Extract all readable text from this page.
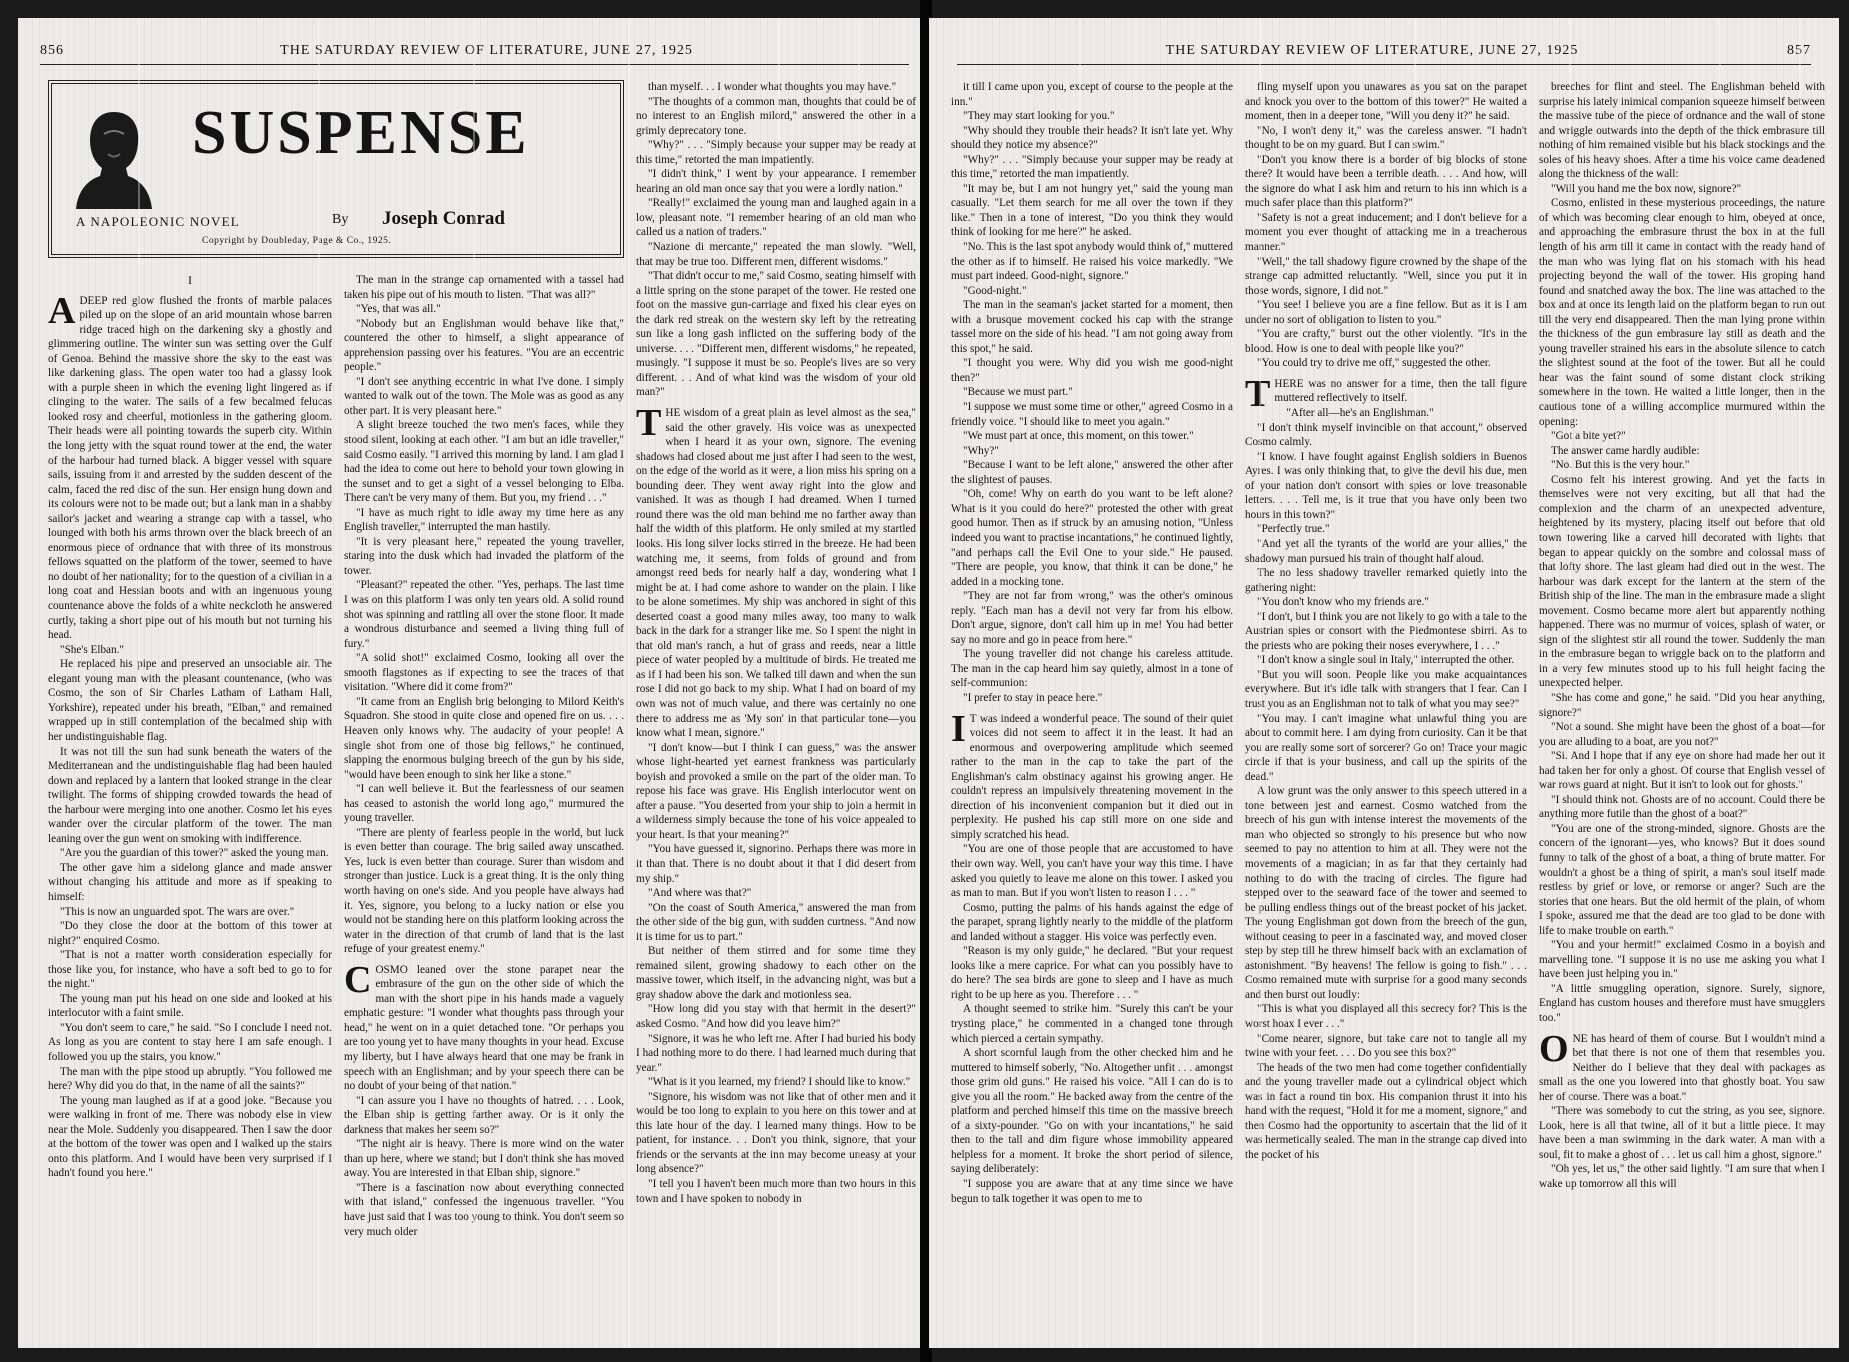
856	THE SATURDAY REVIEW OF LITERATURE, JUNE 27, 1925
SUSPENSE
A NAPOLEONIC NOVEL	By Joseph Conrad
Copyright by Doubleday, Page & Co., 1925.
I

A DEEP red glow flushed the fronts of marble palaces piled up on the slope of an arid mountain whose barren ridge traced high on the darkening sky a ghostly and glimmering outline. The winter sun was setting over the Gulf of Genoa. Behind the massive shore the sky to the east was like darkening glass. The open water too had a glassy look with a purple sheen in which the evening light lingered as if clinging to the water. The sails of a few becalmed felucas looked rosy and cheerful, motionless in the gathering gloom. Their heads were all pointing towards the superb city. Within the long jetty with the squat round tower at the end, the water of the harbour had turned black. A bigger vessel with square sails, issuing from it and arrested by the sudden descent of the calm, faced the red disc of the sun. Her ensign hung down and its colours were not to be made out; but a lank man in a shabby sailor's jacket and wearing a strange cap with a tassel, who lounged with both his arms thrown over the black breech of an enormous piece of ordnance that with three of its monstrous fellows squatted on the platform of the tower, seemed to have no doubt of her nationality; for to the question of a civilian in a long coat and Hessian boots and with an ingenuous young countenance above the folds of a white neckcloth he answered curtly, taking a short pipe out of his mouth but not turning his head.

"She's Elban."

He replaced his pipe and preserved an unsociable air. The elegant young man with the pleasant countenance, (who was Cosmo, the son of Sir Charles Latham of Latham Hall, Yorkshire), repeated under his breath, "Elban," and remained wrapped up in still contemplation of the becalmed ship with her undistinguishable flag.

It was not till the sun had sunk beneath the waters of the Mediterranean and the undistinguishable flag had been hauled down and replaced by a lantern that looked strange in the clear twilight. The forms of shipping crowded towards the head of the harbour were merging into one another. Cosmo let his eyes wander over the circular platform of the tower. The man leaning over the gun went on smoking with indifference.

"Are you the guardian of this tower?" asked the young man.

The other gave him a sidelong glance and made answer without changing his attitude and more as if speaking to himself:

"This is now an unguarded spot. The wars are over."

"Do they close the door at the bottom of this tower at night?" enquired Cosmo.

"That is not a matter worth consideration especially for those like you, for instance, who have a soft bed to go to for the night."

The young man put his head on one side and looked at his interlocutor with a faint smile.

"You don't seem to care," he said. "So I conclude I need not. As long as you are content to stay here I am safe enough. I followed you up the stairs, you know."

The man with the pipe stood up abruptly. "You followed me here? Why did you do that, in the name of all the saints?"

The young man laughed as if at a good joke. "Because you were walking in front of me. There was nobody else in view near the Mole. Suddenly you disappeared. Then I saw the door at the bottom of the tower was open and I walked up the stairs onto this platform. And I would have been very surprised if I hadn't found you here."

The man in the strange cap ornamented with a tassel had taken his pipe out of his mouth to listen. "That was all?"

"Yes, that was all."

"Nobody but an Englishman would behave like that," countered the other to himself, a slight appearance of apprehension passing over his features. "You are an eccentric people."

"I don't see anything eccentric in what I've done. I simply wanted to walk out of the town. The Mole was as good as any other part. It is very pleasant here."

A slight breeze touched the two men's faces, while they stood silent, looking at each other. "I am but an idle traveller," said Cosmo easily. "I arrived this morning by land. I am glad I had the idea to come out here to behold your town glowing in the sunset and to get a sight of a vessel belonging to Elba. There can't be very many of them. But you, my friend . . ."

"I have as much right to idle away my time here as any English traveller," interrupted the man hastily.

"It is very pleasant here," repeated the young traveller, staring into the dusk which had invaded the platform of the tower.

"Pleasant?" repeated the other. "Yes, perhaps. The last time I was on this platform I was only ten years old. A solid round shot was spinning and rattling all over the stone floor. It made a wondrous disturbance and seemed a living thing full of fury."

"A solid shot!" exclaimed Cosmo, looking all over the smooth flagstones as if expecting to see the traces of that visitation. "Where did it come from?"

"It came from an English brig belonging to Milord Keith's Squadron. She stood in quite close and opened fire on us. . . . Heaven only knows why. The audacity of your people! A single shot from one of those big fellows," he continued, slapping the enormous bulging breech of the gun by his side, "would have been enough to sink her like a stone."

"I can well believe it. But the fearlessness of our seamen has ceased to astonish the world long ago," murmured the young traveller.

"There are plenty of fearless people in the world, but luck is even better than courage. The brig sailed away unscathed. Yes, luck is even better than courage. Surer than wisdom and stronger than justice. Luck is a great thing. It is the only thing worth having on one's side. And you people have always had it. Yes, signore, you belong to a lucky nation or else you would not be standing here on this platform looking across the water in the direction of that crumb of land that is the last refuge of your greatest enemy."

COSMO leaned over the stone parapet near the embrasure of the gun on the other side of which the man with the short pipe in his hands made a vaguely emphatic gesture: "I wonder what thoughts pass through your head," he went on in a quiet detached tone. "Or perhaps you are too young yet to have many thoughts in your head. Excuse my liberty, but I have always heard that one may be frank in speech with an Englishman; and by your speech there can be no doubt of your being of that nation."

"I can assure you I have no thoughts of hatred. . . . Look, the Elban ship is getting farther away. Or is it only the darkness that makes her seem so?"

"The night air is heavy. There is more wind on the water than up here, where we stand; but I don't think she has moved away. You are interested in that Elban ship, signore."

"There is a fascination now about everything connected with that island," confessed the ingenuous traveller. "You have just said that I was too young to think. You don't seem so very much older

than myself. . . I wonder what thoughts you may have."

"The thoughts of a common man, thoughts that could be of no interest to an English milord," answered the other in a grimly deprecatory tone.

"Why?" . . . "Simply because your supper may be ready at this time," retorted the man impatiently.

"I didn't think," I went by your appearance. I remember hearing an old man once say that you were a lordly nation."

"Really!" exclaimed the young man and laughed again in a low, pleasant note. "I remember hearing of an old man who called us a nation of traders."

"Nazione di mercante," repeated the man slowly. "Well, that may be true too. Different men, different wisdoms."

"That didn't occur to me," said Cosmo, seating himself with a little spring on the stone parapet of the tower. He rested one foot on the massive gun-carriage and fixed his clear eyes on the dark red streak on the western sky left by the retreating sun like a long gash inflicted on the suffering body of the universe. . . . "Different men, different wisdoms," he repeated, musingly. "I suppose it must be so. People's lives are so very different. . . And of what kind was the wisdom of your old man?"

THE wisdom of a great plain as level almost as the sea," said the other gravely. His voice was as unexpected when I heard it as your own, signore. The evening shadows had closed about me just after I had seen to the west, on the edge of the world as it were, a lion miss his spring on a bounding deer. They went away right into the glow and vanished. It was as though I had dreamed. When I turned round there was the old man behind me no farther away than half the width of this platform. He only smiled at my startled looks. His long silver locks stirred in the breeze. He had been watching me, it seems, from folds of ground and from amongst reed beds for nearly half a day, wondering what I might be at. I had come ashore to wander on the plain. I like to be alone sometimes. My ship was anchored in sight of this deserted coast a good many miles away, too many to walk back in the dark for a stranger like me. So I spent the night in that old man's ranch, a hut of grass and reeds, near a little piece of water peopled by a multitude of birds. He treated me as if I had been his son. We talked till dawn and when the sun rose I did not go back to my ship. What I had on board of my own was not of much value, and there was certainly no one there to address me as 'My son' in that particular tone—you know what I mean, signore."

"I don't know—but I think I can guess," was the answer whose light-hearted yet earnest frankness was particularly boyish and provoked a smile on the part of the older man. To repose his face was grave. His English interlocutor went on after a pause. "You deserted from your ship to join a hermit in a wilderness simply because the tone of his voice appealed to your heart. Is that your meaning?"

"You have guessed it, signorino. Perhaps there was more in it than that. There is no doubt about it that I did desert from my ship."

"And where was that?"

"On the coast of South America," answered the man from the other side of the big gun, with sudden curtness. "And now it is time for us to part."

But neither of them stirred and for some time they remained silent, growing shadowy to each other on the massive tower, which itself, in the advancing night, was but a gray shadow above the dark and motionless sea.

"How long did you stay with that hermit in the desert?" asked Cosmo. "And how did you leave him?"

"Signore, it was he who left me. After I had buried his body I had nothing more to do there. I had learned much during that year."

"What is it you learned, my friend? I should like to know."

"Signore, his wisdom was not like that of other men and it would be too long to explain to you here on this tower and at this late hour of the day. I learned many things. How to be patient, for instance. . . Don't you think, signore, that your friends or the servants at the inn may become uneasy at your long absence?"

"I tell you I haven't been much more than two hours in this town and I have spoken to nobody in

THE SATURDAY REVIEW OF LITERATURE, JUNE 27, 1925	857

it till I came upon you, except of course to the people at the inn."

"They may start looking for you."

"Why should they trouble their heads? It isn't late yet. Why should they notice my absence?"

"Why?" . . . "Simply because your supper may be ready at this time," retorted the man impatiently.

"It may be, but I am not hungry yet," said the young man casually. "Let them search for me all over the town if they like." Then in a tone of interest, "Do you think they would think of looking for me here?" he asked.

"No. This is the last spot anybody would think of," muttered the other as if to himself. He raised his voice markedly. "We must part indeed. Good-night, signore."

"Good-night."

The man in the seaman's jacket started for a moment, then with a brusque movement cocked his cap with the strange tassel more on the side of his head. "I am not going away from this spot," he said.

"I thought you were. Why did you wish me good-night then?"

"Because we must part."

"I suppose we must some time or other," agreed Cosmo in a friendly voice. "I should like to meet you again."

"We must part at once, this moment, on this tower."

"Why?"

"Because I want to be left alone," answered the other after the slightest of pauses.

"Oh, come! Why on earth do you want to be left alone? What is it you could do here?" protested the other with great good humor. Then as if struck by an amusing notion, "Unless indeed you want to practise incantations," he continued lightly, "and perhaps call the Evil One to your side." He paused. "There are people, you know, that think it can be done," he added in a mocking tone.

"They are not far from wrong," was the other's ominous reply. "Each man has a devil not very far from his elbow. Don't argue, signore, don't call him up in me! You had better say no more and go in peace from here."

The young traveller did not change his careless attitude. The man in the cap heard him say quietly, almost in a tone of self-communion:

"I prefer to stay in peace here."

I T was indeed a wonderful peace. The sound of their quiet voices did not seem to affect it in the least. It had an enormous and overpowering amplitude which seemed rather to the man in the cap to take the part of the Englishman's calm obstinacy against his growing anger. He couldn't repress an impulsively threatening movement in the direction of his inconvenient companion but it died out in perplexity. He pushed his cap still more on one side and simply scratched his head.

"You are one of those people that are accustomed to have their own way. Well, you can't have your way this time. I have asked you quietly to leave me alone on this tower. I asked you as man to man. But if you won't listen to reason I . . . "

Cosmo, putting the palms of his hands against the edge of the parapet, sprang lightly nearly to the middle of the platform and landed without a stagger. His voice was perfectly even.

"Reason is my only guide," he declared. "But your request looks like a mere caprice. For what can you possibly have to do here? The sea birds are gone to sleep and I have as much right to be up here as you. Therefore . . . "

A thought seemed to strike him. "Surely this can't be your trysting place," he commented in a changed tone through which pierced a certain sympathy.

A short scornful laugh from the other checked him and he muttered to himself soberly, "No. Altogether unfit . . . amongst those grim old guns." He raised his voice. "All I can do is to give you all the room." He backed away from the centre of the platform and perched himself this time on the massive breech of a sixty-pounder. "Go on with your incantations," he said then to the tall and dim figure whose immobility appeared helpless for a moment. It broke the short period of silence, saying deliberately:

"I suppose you are aware that at any time since we have begun to talk together it was open to me to

fling myself upon you unawares as you sat on the parapet and knock you over to the bottom of this tower?" He waited a moment, then in a deeper tone, "Will you deny it?" he said.

"No, I won't deny it," was the careless answer. "I hadn't thought to be on my guard. But I can swim."

"Don't you know there is a border of big blocks of stone there? It would have been a terrible death. . . . And how, will the signore do what I ask him and return to his inn which is a much safer place than this platform?"

"Safety is not a great inducement; and I don't believe for a moment you ever thought of attacking me in a treacherous manner."

"Well," the tall shadowy figure crowned by the shape of the strange cap admitted reluctantly. "Well, since you put it in those words, signore, I did not."

"You see! I believe you are a fine fellow. But as it is I am under no sort of obligation to listen to you."

"You are crafty," burst out the other violently. "It's in the blood. How is one to deal with people like you?"

"You could try to drive me off," suggested the other.

THERE was no answer for a time, then the tall figure muttered reflectively to itself.

"After all—he's an Englishman."

"I don't think myself invincible on that account," observed Cosmo calmly.

"I know. I have fought against English soldiers in Buenos Ayres. I was only thinking that, to give the devil his due, men of your nation don't consort with spies or love treasonable letters. . . . Tell me, is it true that you have only been two hours in this town?"

"Perfectly true."

"And yet all the tyrants of the world are your allies," the shadowy man pursued his train of thought half aloud.

The no less shadowy traveller remarked quietly into the gathering night:

"You don't know who my friends are."

"I don't, but I think you are not likely to go with a tale to the Austrian spies or consort with the Piedmontese sbirri. As to the priests who are poking their noses everywhere, I . . ."

"I don't know a single soul in Italy," interrupted the other.

"But you will soon. People like you make acquaintances everywhere. But it's idle talk with strangers that I fear. Can I trust you as an Englishman not to talk of what you may see?"

"You may. I can't imagine what unlawful thing you are about to commit here. I am dying from curiosity. Can it be that you are really some sort of sorcerer? Go on! Trace your magic circle if that is your business, and call up the spirits of the dead."

A low grunt was the only answer to this speech uttered in a tone between jest and earnest. Cosmo watched from the breech of his gun with intense interest the movements of the man who objected so strongly to his presence but who now seemed to pay no attention to him at all. They were not the movements of a magician; in as far that they certainly had nothing to do with the tracing of circles. The figure had stepped over to the seaward face of the tower and seemed to be pulling endless things out of the breast pocket of his jacket. The young Englishman got down from the breech of the gun, without ceasing to peer in a fascinated way, and moved closer step by step till he threw himself back with an exclamation of astonishment. "By heavens! The fellow is going to fish." . . . Cosmo remained mute with surprise for a good many seconds and then burst out loudly:

"This is what you displayed all this secrecy for? This is the worst hoax I ever . . ."

"Come nearer, signore, but take care not to tangle all my twine with your feet. . . . Do you see this box?"

The heads of the two men had come together confidentially and the young traveller made out a cylindrical object which was in fact a round tin box. His companion thrust it into his hand with the request, "Hold it for me a moment, signore," and then Cosmo had the opportunity to ascertain that the lid of it was hermetically sealed. The man in the strange cap dived into the pocket of his

breeches for flint and steel. The Englishman beheld with surprise his lately inimical companion squeeze himself between the massive tube of the piece of ordnance and the wall of stone and wriggle outwards into the depth of the thick embrasure till nothing of him remained visible but his black stockings and the soles of his heavy shoes. After a time his voice came deadened along the thickness of the wall:

"Will you hand me the box now, signore?"

Cosmo, enlisted in these mysterious proceedings, the nature of which was becoming clear enough to him, obeyed at once, and approaching the embrasure thrust the box in at the full length of his arm till it came in contact with the ready hand of the man who was lying flat on his stomach with his head projecting beyond the wall of the tower. His groping hand found and snatched away the box. The line was attached to the box and at once its length laid on the platform began to run out till the very end disappeared. Then the man lying prone within the thickness of the gun embrasure lay still as death and the young traveller strained his ears in the absolute silence to catch the slightest sound at the foot of the tower. But all he could hear was the faint sound of some distant clock striking somewhere in the town. He waited a little longer, then in the cautious tone of a willing accomplice murmured within the opening:

"Got a bite yet?"

The answer came hardly audible:

"No. But this is the very hour."

Cosmo felt his interest growing. And yet the facts in themselves were not very exciting, but all that had the complexion and the charm of an unexpected adventure, heightened by its mystery, placing itself out before that old town towering like a carved hill decorated with lights that began to appear quickly on the sombre and colossal mass of that lofty shore. The last gleam had died out in the west. The harbour was dark except for the lantern at the stern of the British ship of the line. The man in the embrasure made a slight movement. Cosmo became more alert but apparently nothing happened. There was no murmur of voices, splash of water, or sign of the slightest stir all round the tower. Suddenly the man in the embrasure began to wriggle back on to the platform and in a very few minutes stood up to his full height facing the unexpected helper.

"She has come and gone," he said. "Did you hear anything, signore?"

"Not a sound. She might have been the ghost of a boat—for you are alluding to a boat, are you not?"

"Si. And I hope that if any eye on shore had made her out it had taken her for only a ghost. Of course that English vessel of war rows guard at night. But it isn't to look out for ghosts."

"I should think not. Ghosts are of no account. Could there be anything more futile than the ghost of a boat?"

"You are one of the strong-minded, signore. Ghosts are the concern of the ignorant—yes, who knows? But it does sound funny to talk of the ghost of a boat, a thing of brute matter. For wouldn't a ghost be a thing of spirit, a man's soul itself made restless by grief or love, or remorse or anger? Such are the stories that one hears. But the old hermit of the plain, of whom I spoke, assured me that the dead are too glad to be done with life to make trouble on earth."

"You and your hermit!" exclaimed Cosmo in a boyish and marvelling tone. "I suppose it is no use me asking you what I have been just helping you in."

"A little smuggling operation, signore. Surely, signore, England has custom houses and therefore must have smugglers too."

ONE has heard of them of course. But I wouldn't mind a bet that there is not one of them that resembles you. Neither do I believe that they deal with packages as small as the one you lowered into that ghostly boat. You saw her of course. There was a boat."

"There was somebody to cut the string, as you see, signore. Look, here is all that twine, all of it but a little piece. It may have been a man swimming in the dark water. A man with a soul, fit to make a ghost of . . . let us call him a ghost, signore."

"Oh yes, let us," the other said lightly. "I am sure that when I wake up tomorrow all this will
